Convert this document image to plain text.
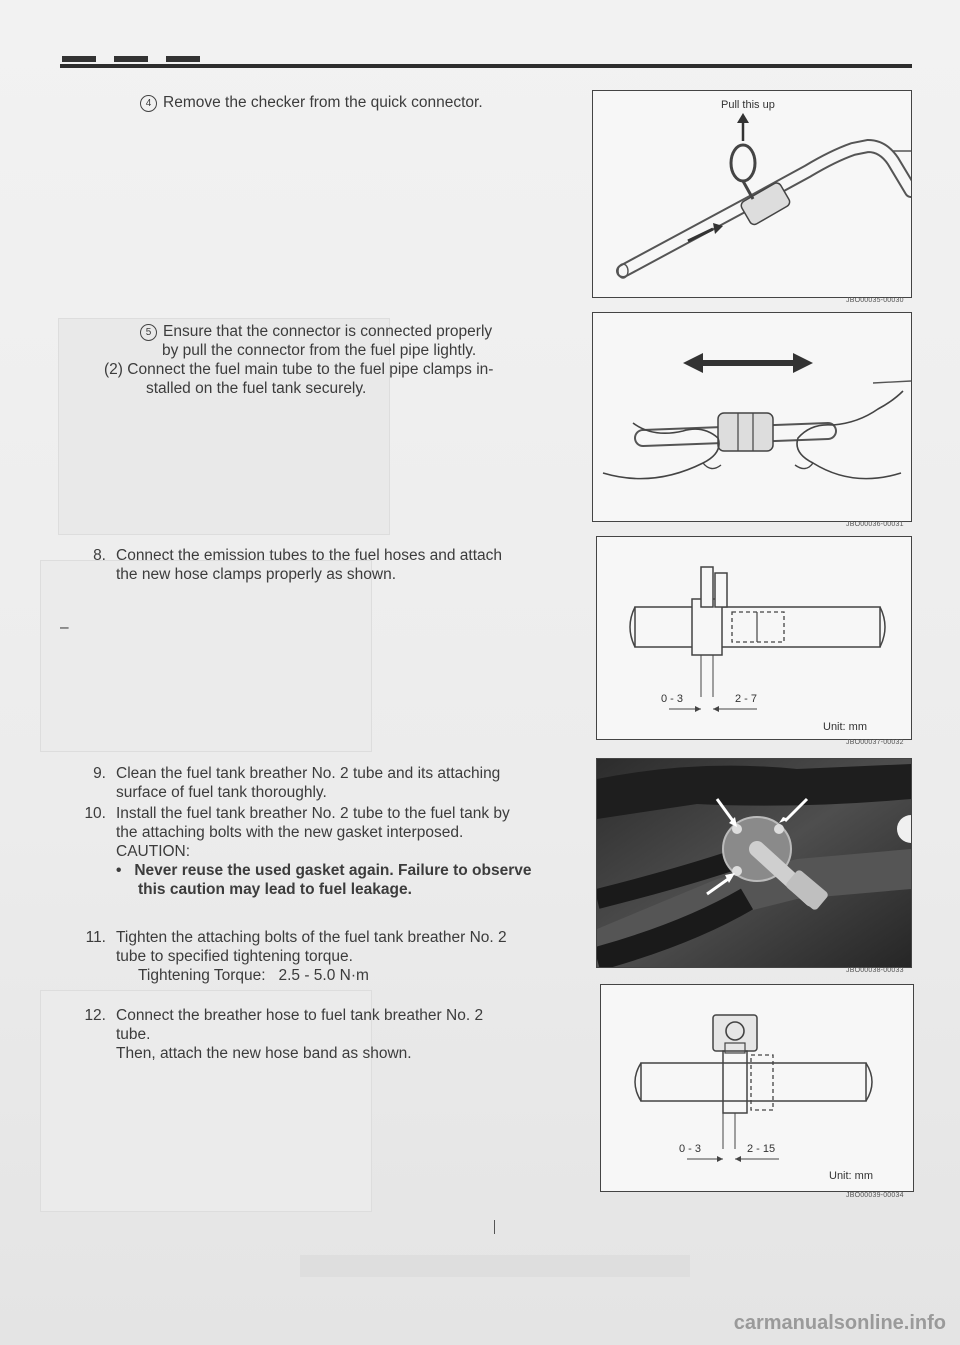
4 Remove the checker from the quick connector.

5 Ensure that the connector is connected properly

by pull the connector from the fuel pipe lightly.

(2) Connect the fuel main tube to the fuel pipe clamps in-

stalled on the fuel tank securely.

8. Connect the emission tubes to the fuel hoses and attach

the new hose clamps properly as shown.

–
9. Clean the fuel tank breather No. 2 tube and its attaching

surface of fuel tank thoroughly.

10. Install the fuel tank breather No. 2 tube to the fuel tank by

the attaching bolts with the new gasket interposed.

CAUTION:

•   Never reuse the used gasket again. Failure to observe

this caution may lead to fuel leakage.

11. Tighten the attaching bolts of the fuel tank breather No. 2

tube to specified tightening torque.

Tightening Torque: 2.5 - 5.0 N·m

12. Connect the breather hose to fuel tank breather No. 2

tube.

Then, attach the new hose band as shown.

Pull this up
JBO00035-00030
JBO00036-00031
0 - 3	2 - 7
Unit: mm
JBO00037-00032
JBO00038-00033
0 - 3	2 - 15
Unit: mm
JBO00039-00034
carmanualsonline.info
